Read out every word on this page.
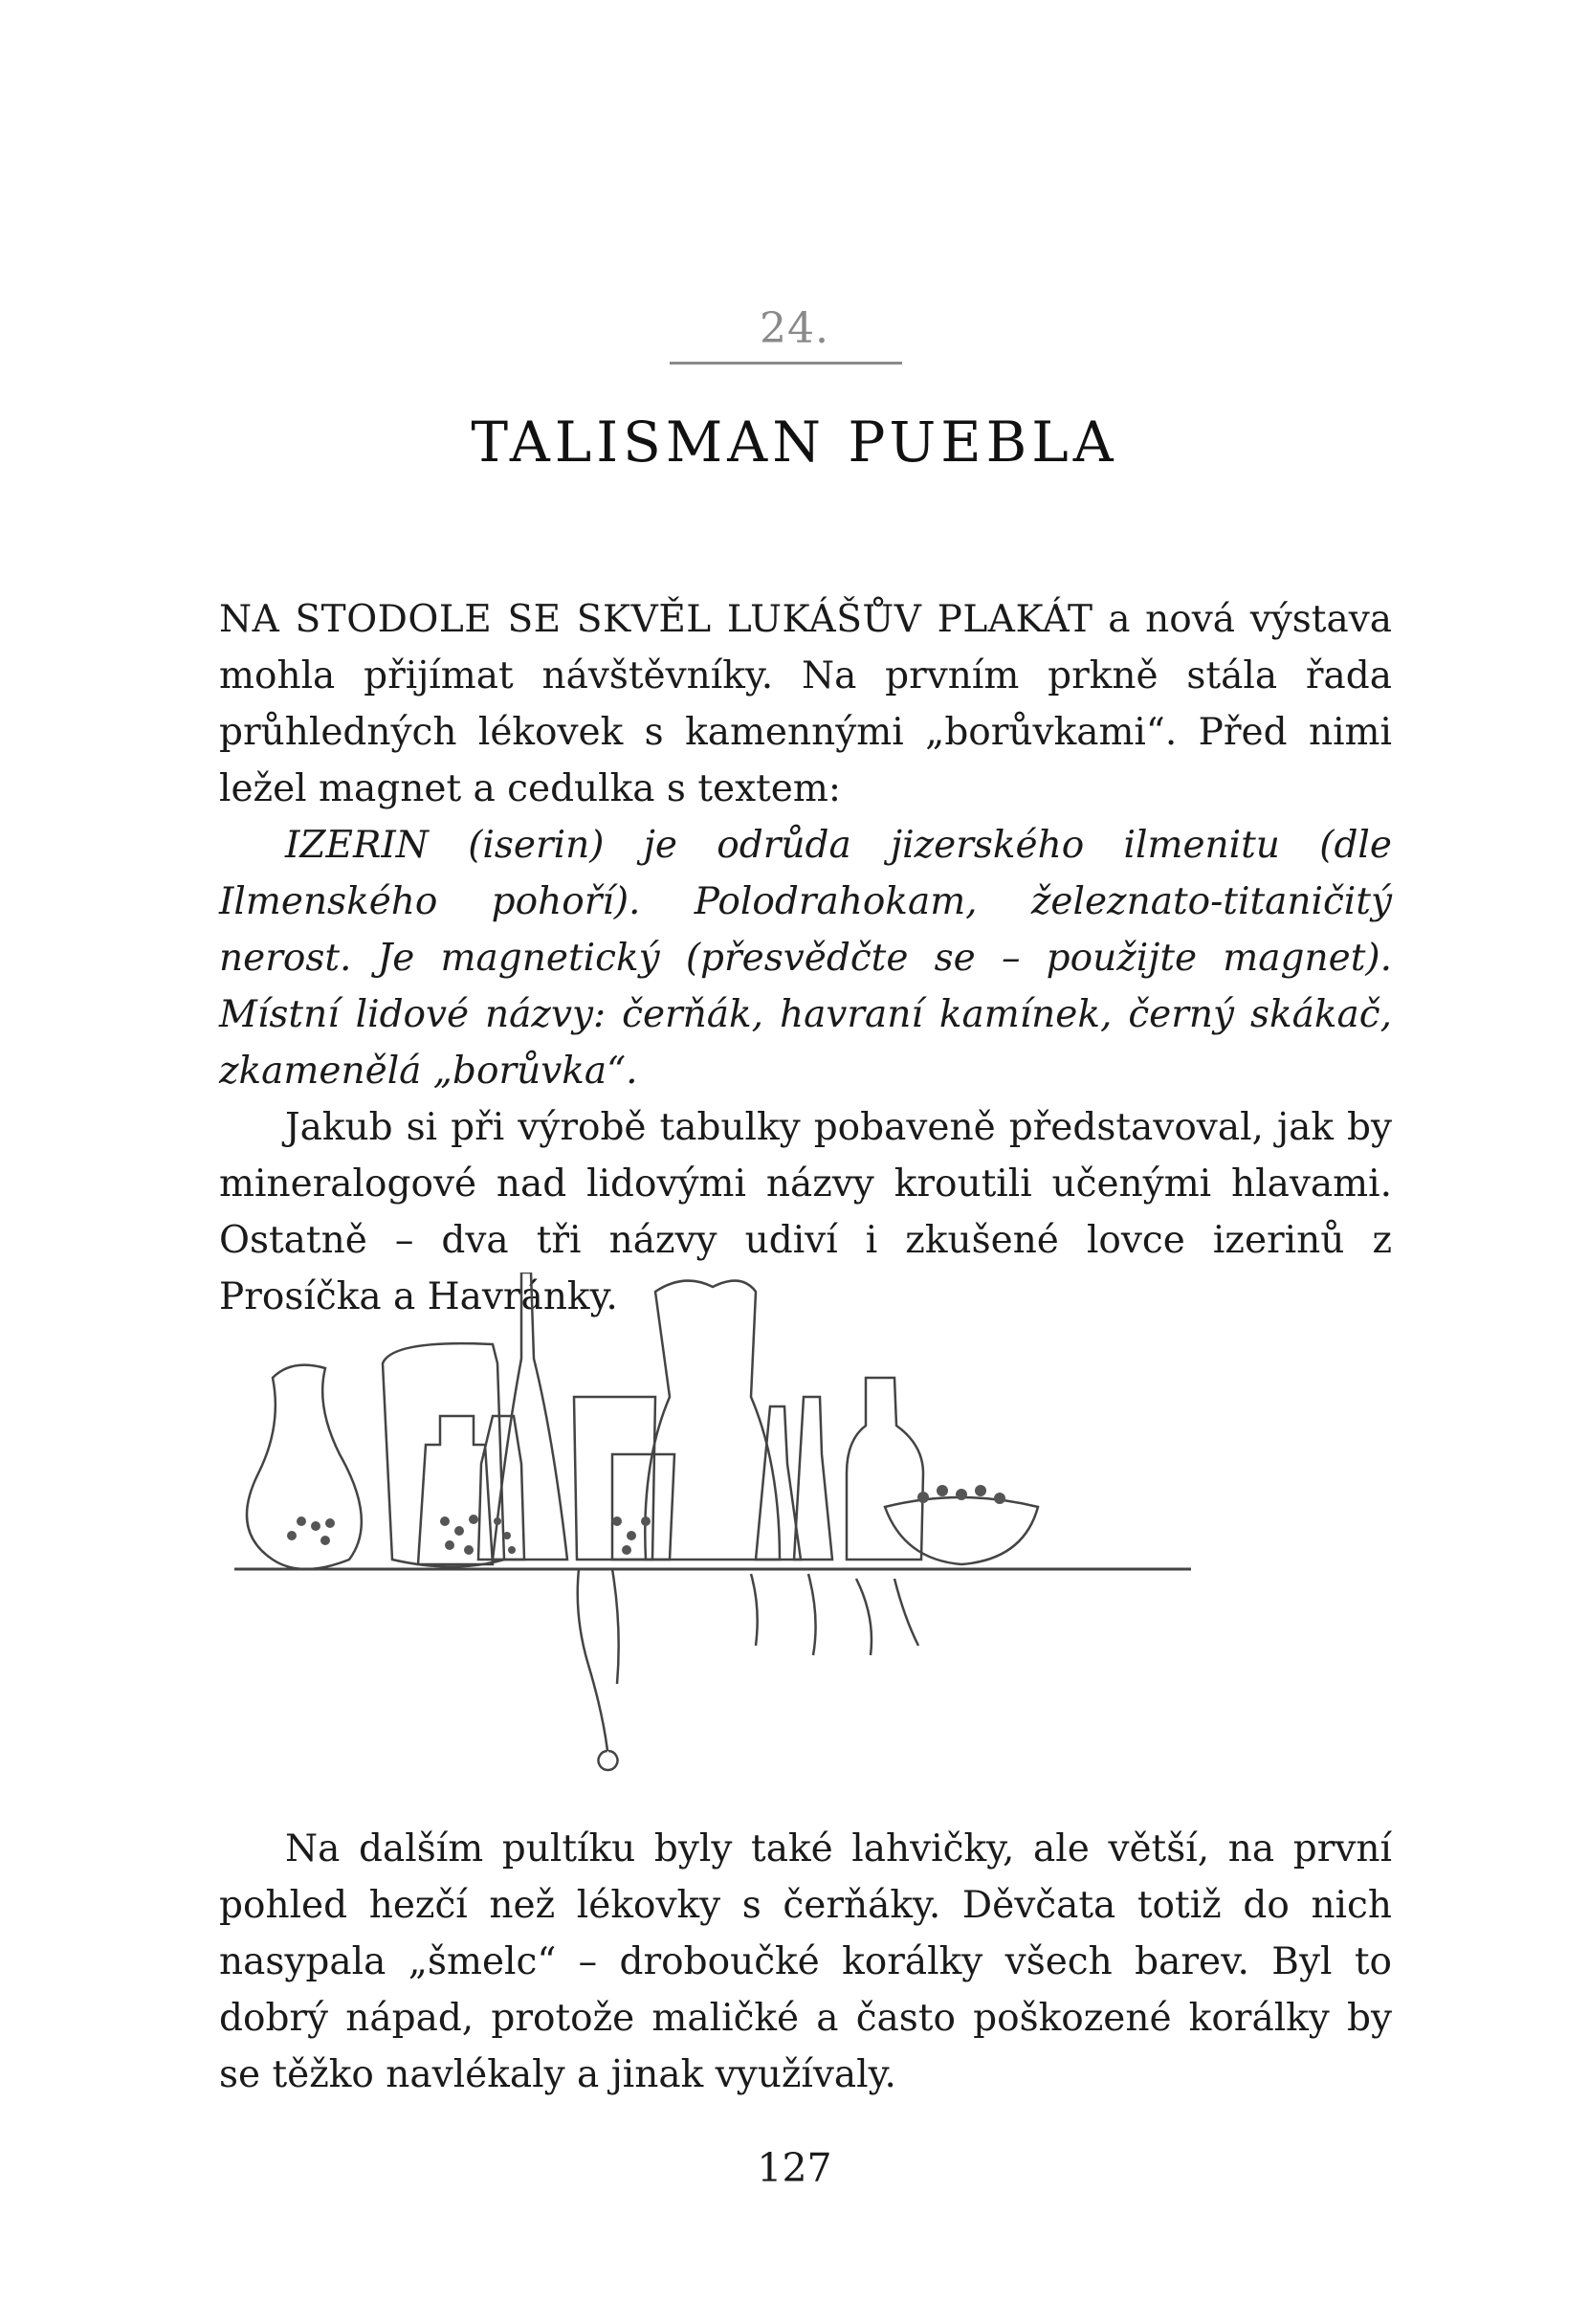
24.
TALISMAN PUEBLA

NA STODOLE SE SKVĚL LUKÁŠŮV PLAKÁT a nová výstava mohla přijímat návštěvníky. Na prvním prkně stála řada průhledných lékovek s kamennými „borůvkami“. Před nimi ležel magnet a cedulka s textem:

IZERIN (iserin) je odrůda jizerského ilmenitu (dle Ilmenského pohoří). Polodrahokam, železnato-titaničitý nerost. Je magnetický (přesvědčte se – použijte magnet). Místní lidové názvy: čerňák, havraní kamínek, černý skákač, zkamenělá „borůvka“.

Jakub si při výrobě tabulky pobaveně představoval, jak by mineralogové nad lidovými názvy kroutili učenými hlavami. Ostatně – dva tři názvy udiví i zkušené lovce izerinů z Prosíčka a Havránky.

Na dalším pultíku byly také lahvičky, ale větší, na první pohled hezčí než lékovky s čerňáky. Děvčata totiž do nich nasypala „šmelc“ – droboučké korálky všech barev. Byl to dobrý nápad, protože maličké a často poškozené korálky by se těžko navlékaly a jinak využívaly.

127
